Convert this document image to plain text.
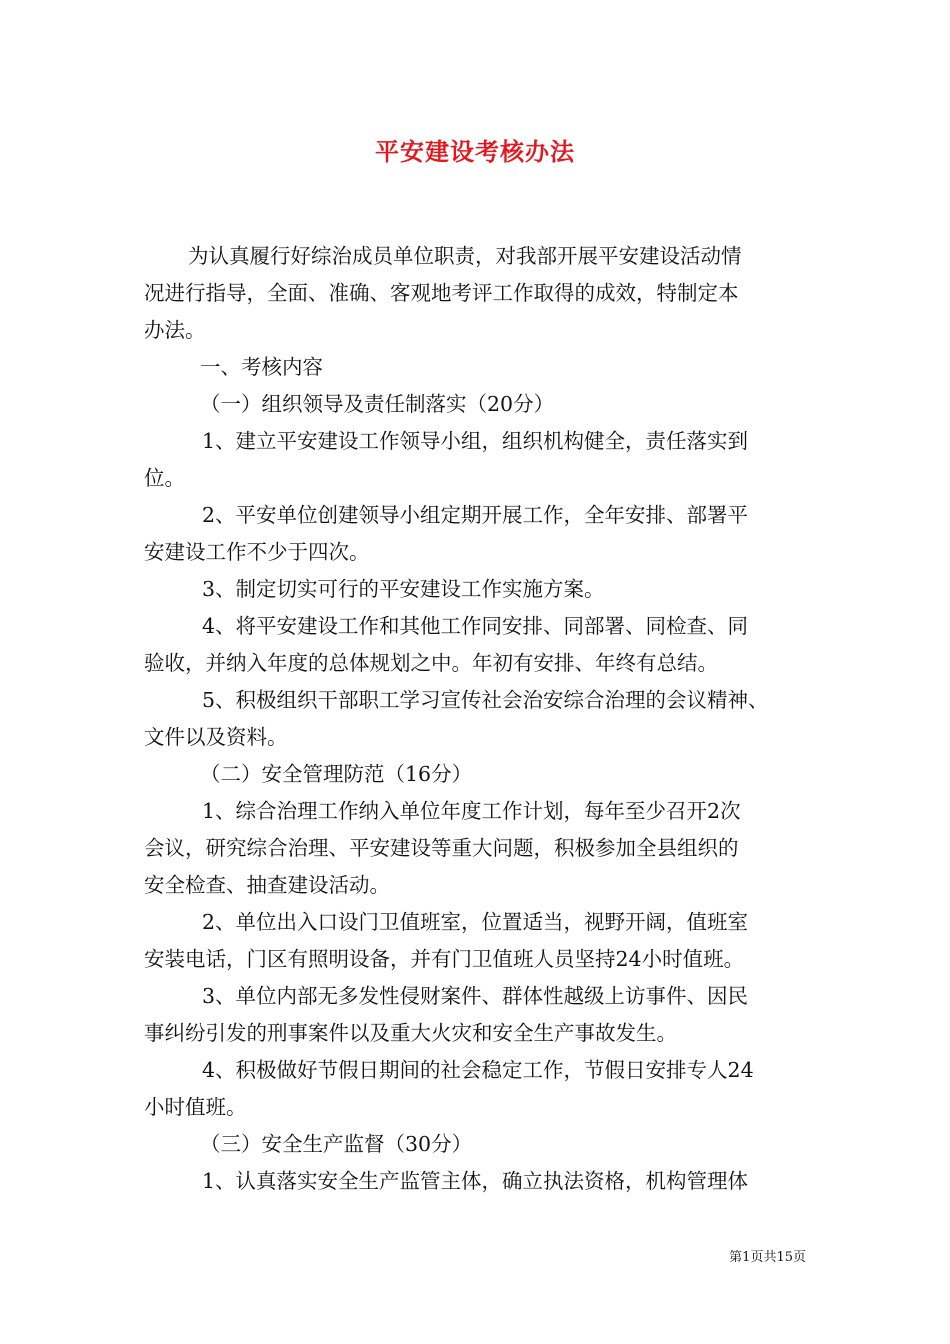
平安建设考核办法
为认真履行好综治成员单位职责，对我部开展平安建设活动情
况进行指导，全面、准确、客观地考评工作取得的成效，特制定本
办法。
一、考核内容
（一）组织领导及责任制落实（20分）
1、建立平安建设工作领导小组，组织机构健全，责任落实到
位。
2、平安单位创建领导小组定期开展工作，全年安排、部署平
安建设工作不少于四次。
3、制定切实可行的平安建设工作实施方案。
4、将平安建设工作和其他工作同安排、同部署、同检查、同
验收，并纳入年度的总体规划之中。年初有安排、年终有总结。
5、积极组织干部职工学习宣传社会治安综合治理的会议精神、
文件以及资料。
（二）安全管理防范（16分）
1、综合治理工作纳入单位年度工作计划，每年至少召开2次
会议，研究综合治理、平安建设等重大问题，积极参加全县组织的
安全检查、抽查建设活动。
2、单位出入口设门卫值班室，位置适当，视野开阔，值班室
安装电话，门区有照明设备，并有门卫值班人员坚持24小时值班。
3、单位内部无多发性侵财案件、群体性越级上访事件、因民
事纠纷引发的刑事案件以及重大火灾和安全生产事故发生。
4、积极做好节假日期间的社会稳定工作，节假日安排专人24
小时值班。
（三）安全生产监督（30分）
1、认真落实安全生产监管主体，确立执法资格，机构管理体
第1页共15页
